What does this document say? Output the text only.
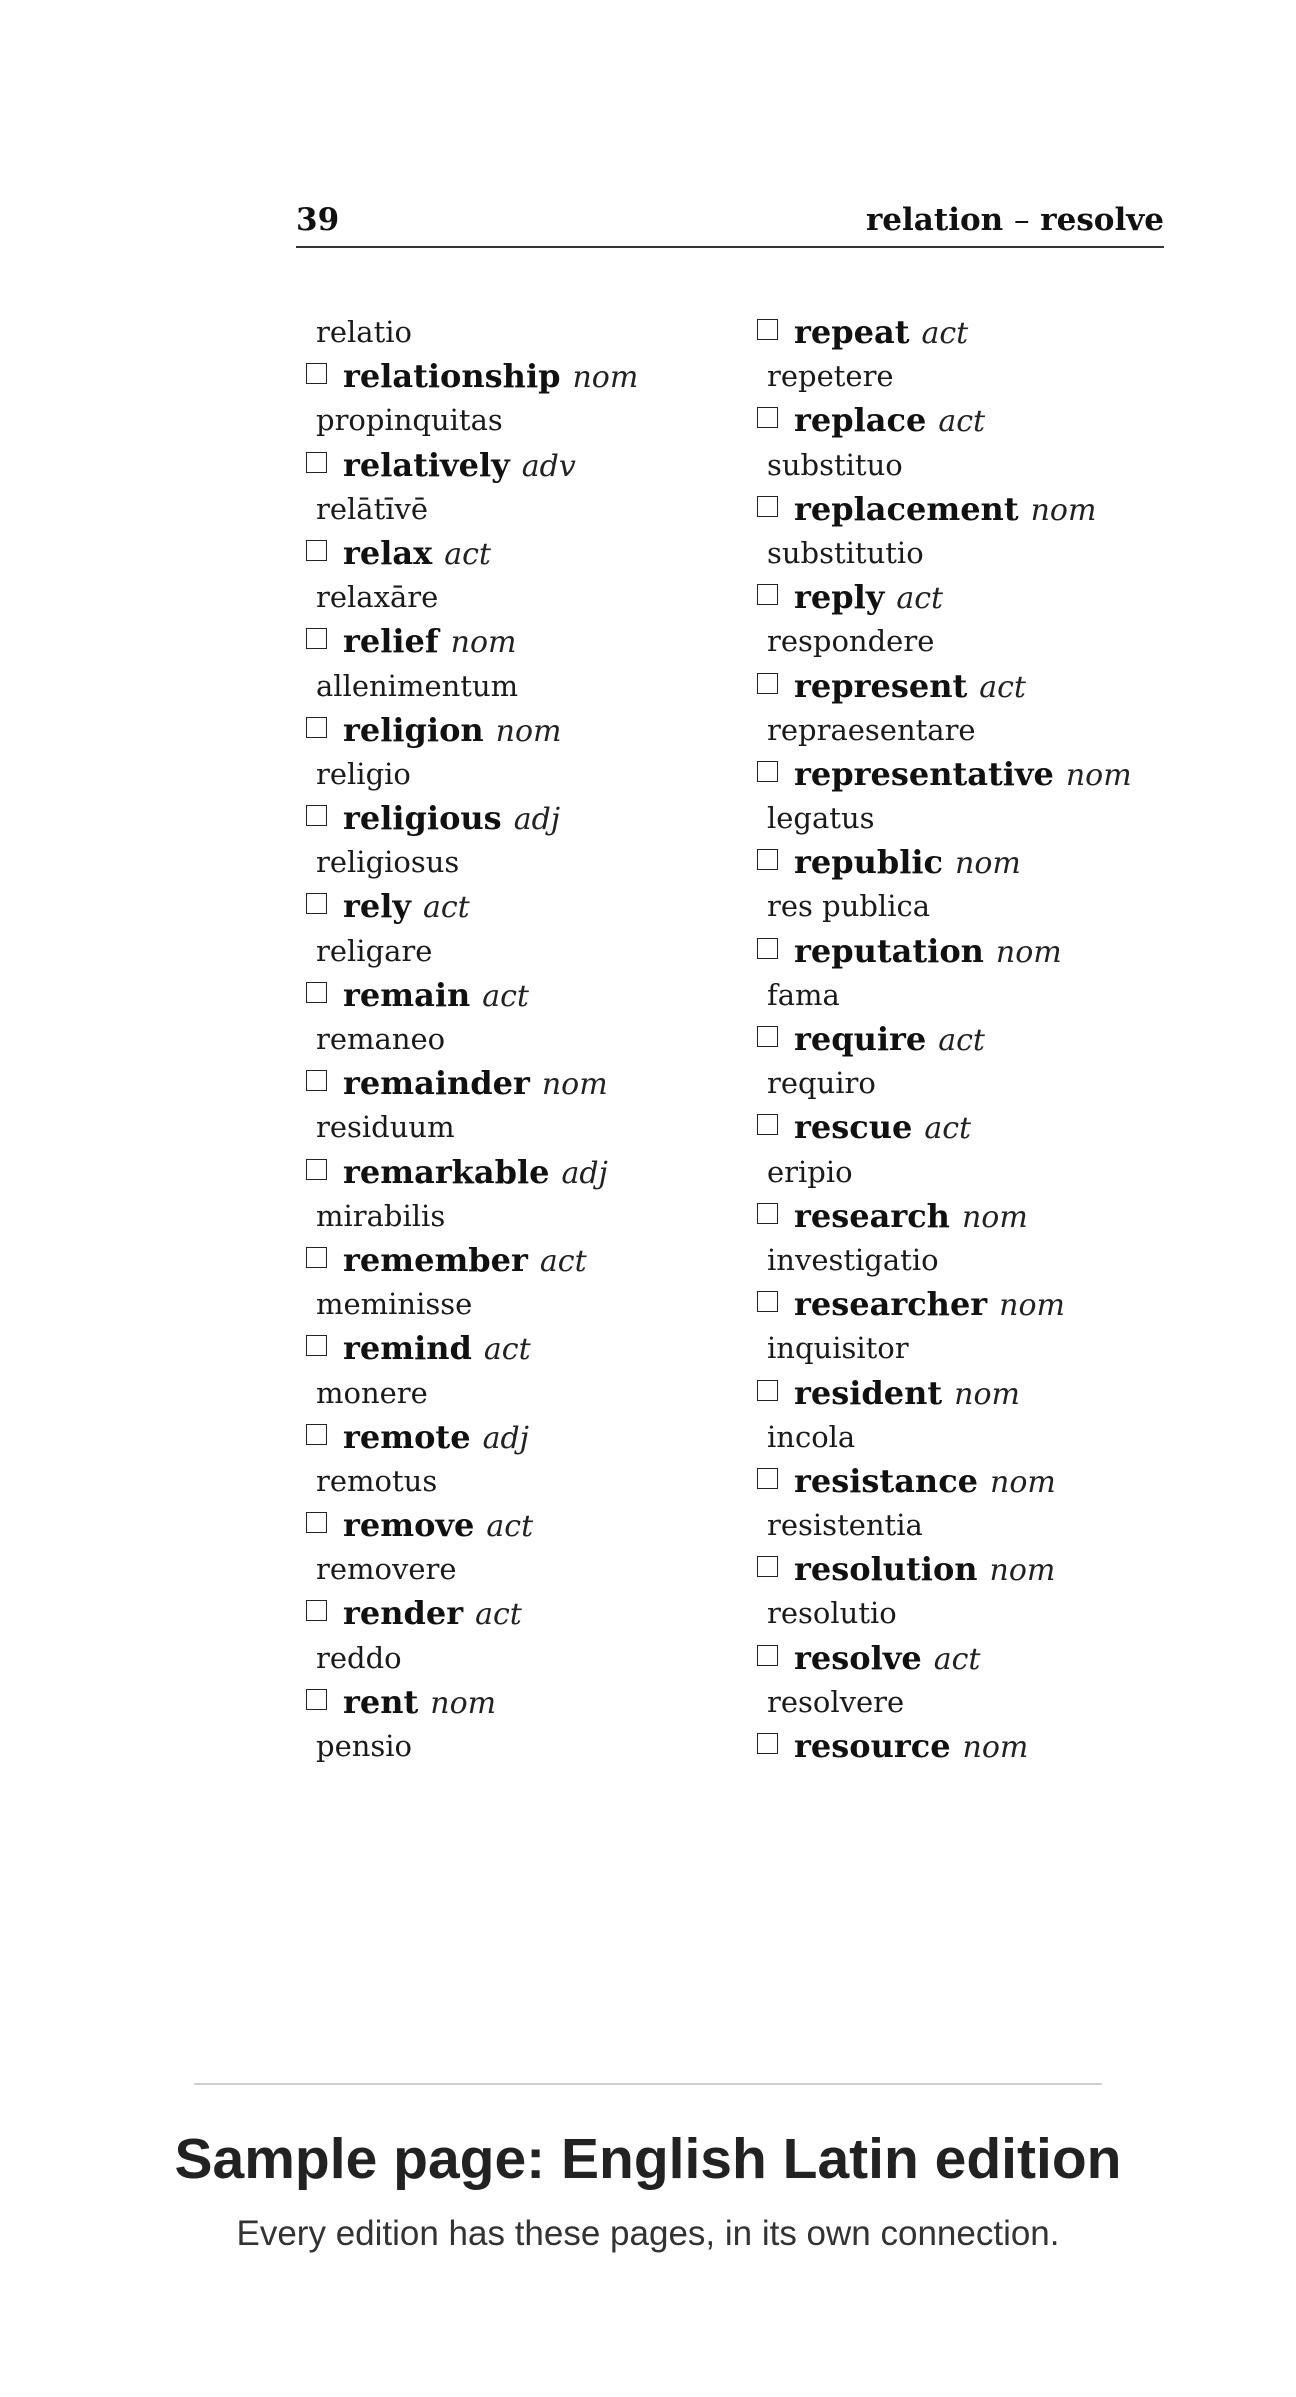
39	relation – resolve
relatio
relationship nom
propinquitas
relatively adv
relātīvē
relax act
relaxāre
relief nom
allenimentum
religion nom
religio
religious adj
religiosus
rely act
religare
remain act
remaneo
remainder nom
residuum
remarkable adj
mirabilis
remember act
meminisse
remind act
monere
remote adj
remotus
remove act
removere
render act
reddo
rent nom
pensio
repeat act
repetere
replace act
substituo
replacement nom
substitutio
reply act
respondere
represent act
repraesentare
representative nom
legatus
republic nom
res publica
reputation nom
fama
require act
requiro
rescue act
eripio
research nom
investigatio
researcher nom
inquisitor
resident nom
incola
resistance nom
resistentia
resolution nom
resolutio
resolve act
resolvere
resource nom
Sample page: English Latin edition
Every edition has these pages, in its own connection.
